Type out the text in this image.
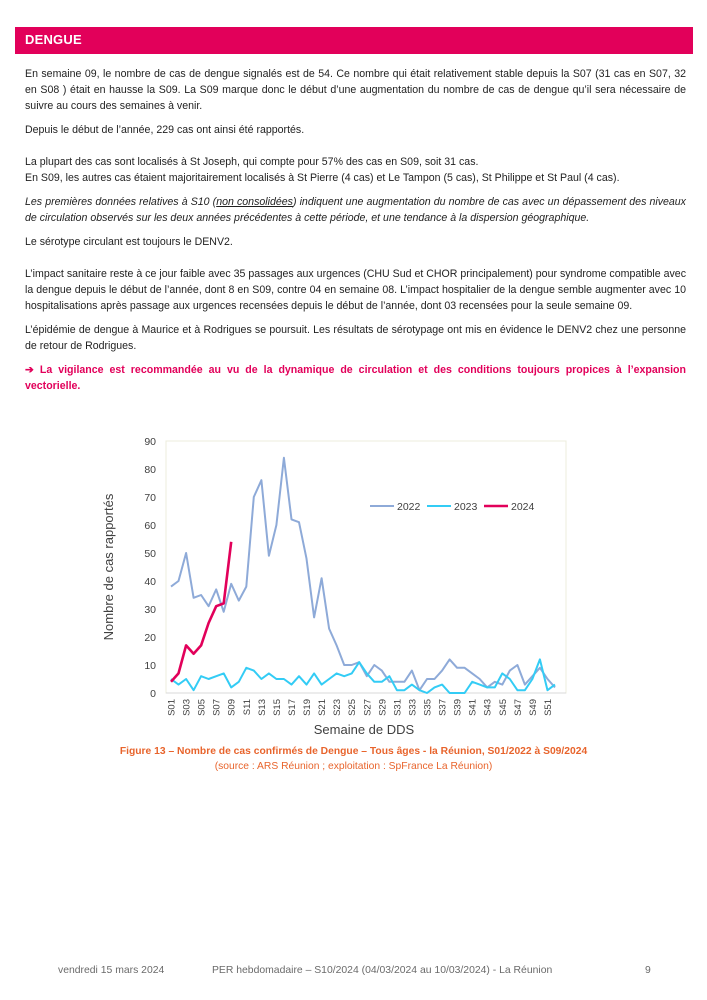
DENGUE
En semaine 09, le nombre de cas de dengue signalés est de 54. Ce nombre qui était relativement stable depuis la S07 (31 cas en S07, 32 en S08 ) était en hausse la S09. La S09 marque donc le début d’une augmentation du nombre de cas de dengue qu’il sera nécessaire de suivre au cours des semaines à venir.
Depuis le début de l’année, 229 cas ont ainsi été rapportés.
La plupart des cas sont localisés à St Joseph, qui compte pour 57% des cas en S09, soit 31 cas.
En S09, les autres cas étaient majoritairement localisés à St Pierre (4 cas) et Le Tampon (5 cas), St Philippe et St Paul (4 cas).
Les premières données relatives à S10 (non consolidées) indiquent une augmentation du nombre de cas avec un dépassement des niveaux de circulation observés sur les deux années précédentes à cette période, et une tendance à la dispersion géographique.
Le sérotype circulant est toujours le DENV2.
L’impact sanitaire reste à ce jour faible avec 35 passages aux urgences (CHU Sud et CHOR principalement) pour syndrome compatible avec la dengue depuis le début de l’année, dont 8 en S09, contre 04 en semaine 08. L’impact hospitalier de la dengue semble augmenter avec 10 hospitalisations après passage aux urgences recensées depuis le début de l’année, dont 03 recensées pour la seule semaine 09.
L’épidémie de dengue à Maurice et à Rodrigues se poursuit. Les résultats de sérotypage ont mis en évidence le DENV2 chez une personne de retour de Rodrigues.
➔ La vigilance est recommandée au vu de la dynamique de circulation et des conditions toujours propices à l’expansion vectorielle.
0
10
20
30
40
50
60
70
80
90
S01 S03 S05 S07 S09 S11 S13 S15 S17 S19 S21 S23 S25 S27 S29 S31 S33 S35 S37 S39 S41 S43 S45 S47 S49 S51
2022	2023	2024
Nombre de cas rapportés
Semaine de DDS
Figure 13 – Nombre de cas confirmés de Dengue – Tous âges - la Réunion, S01/2022 à S09/2024
(source : ARS Réunion ; exploitation : SpFrance La Réunion)
vendredi 15 mars 2024	PER hebdomadaire – S10/2024 (04/03/2024 au 10/03/2024) - La Réunion	9
